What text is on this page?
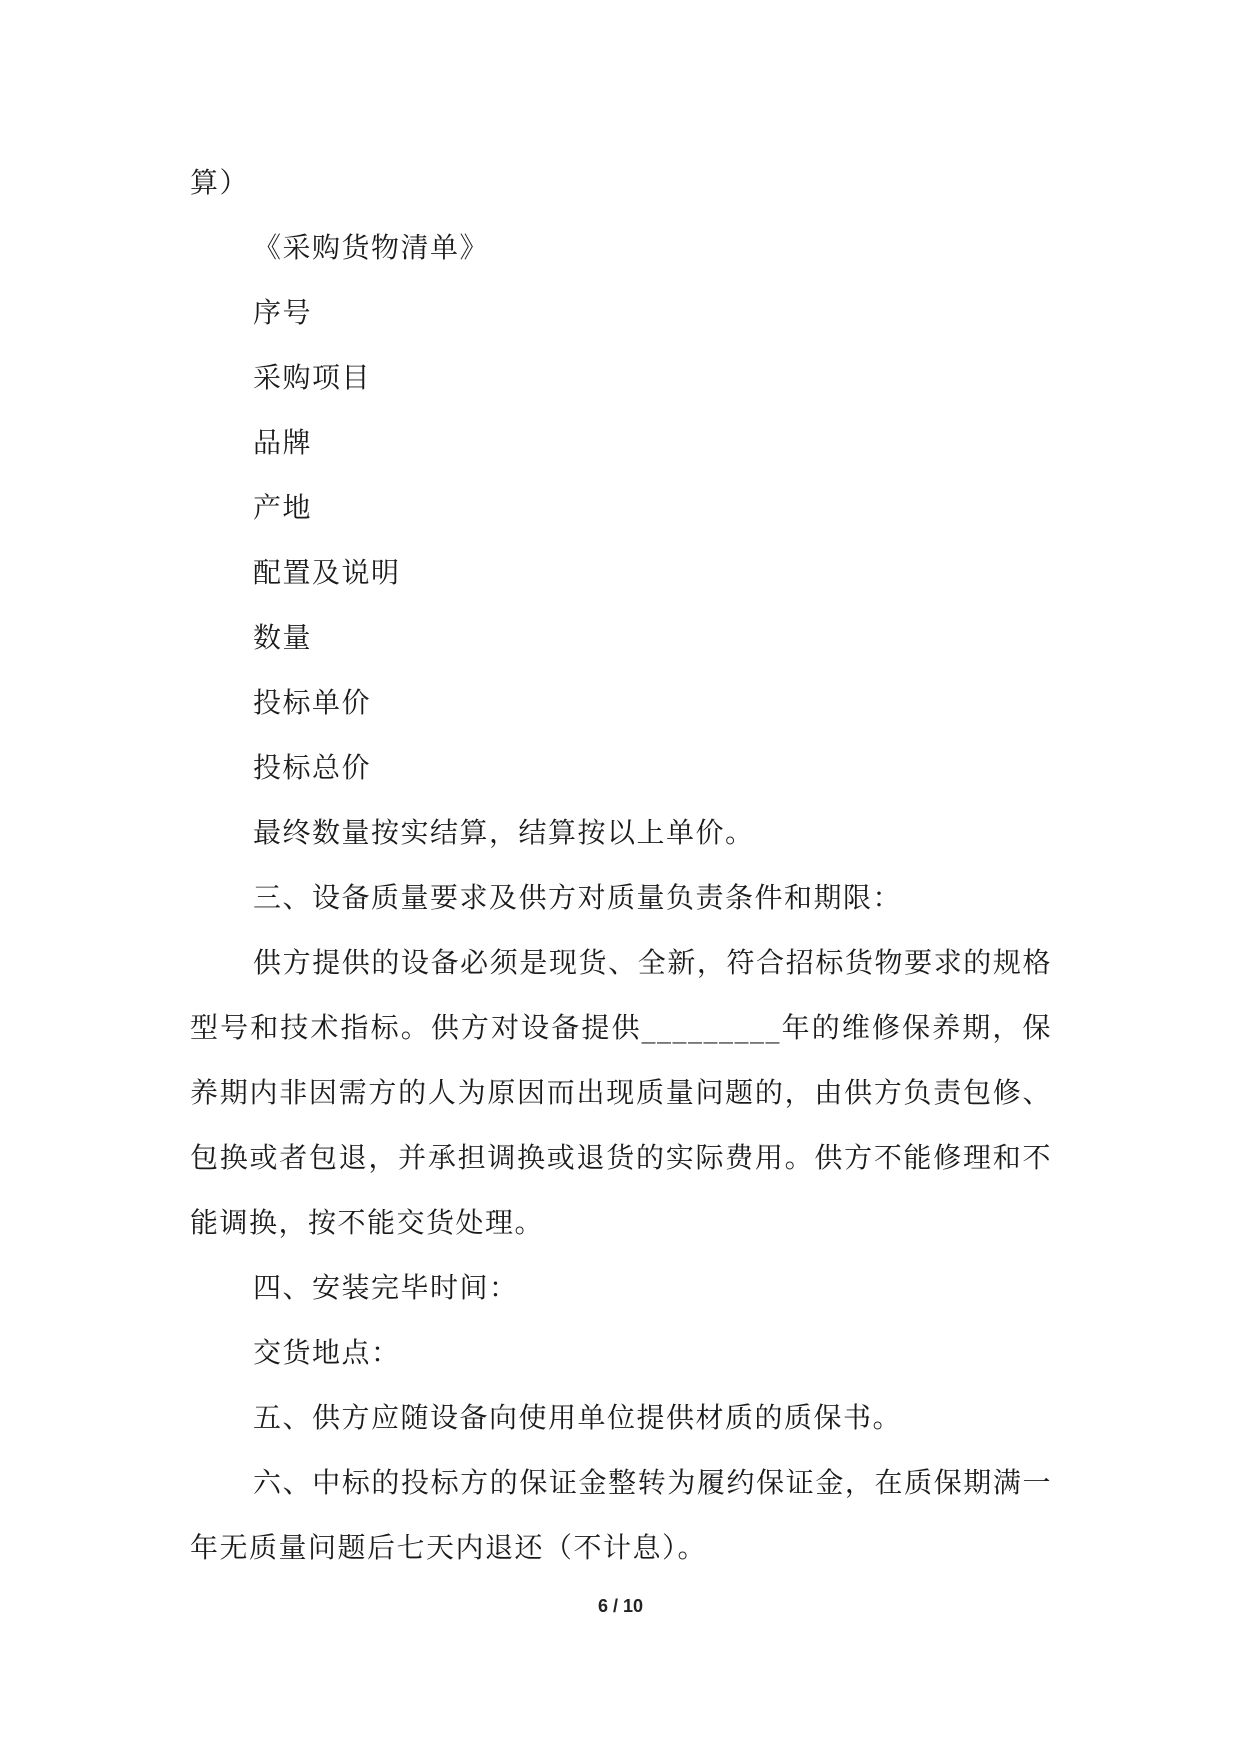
算）

《采购货物清单》

序号

采购项目

品牌

产地

配置及说明

数量

投标单价

投标总价

最终数量按实结算，结算按以上单价。

三、设备质量要求及供方对质量负责条件和期限：

供方提供的设备必须是现货、全新，符合招标货物要求的规格型号和技术指标。供方对设备提供_________年的维修保养期，保养期内非因需方的人为原因而出现质量问题的，由供方负责包修、包换或者包退，并承担调换或退货的实际费用。供方不能修理和不能调换，按不能交货处理。

四、安装完毕时间：

交货地点：

五、供方应随设备向使用单位提供材质的质保书。

六、中标的投标方的保证金整转为履约保证金，在质保期满一年无质量问题后七天内退还（不计息）。

6 / 10
